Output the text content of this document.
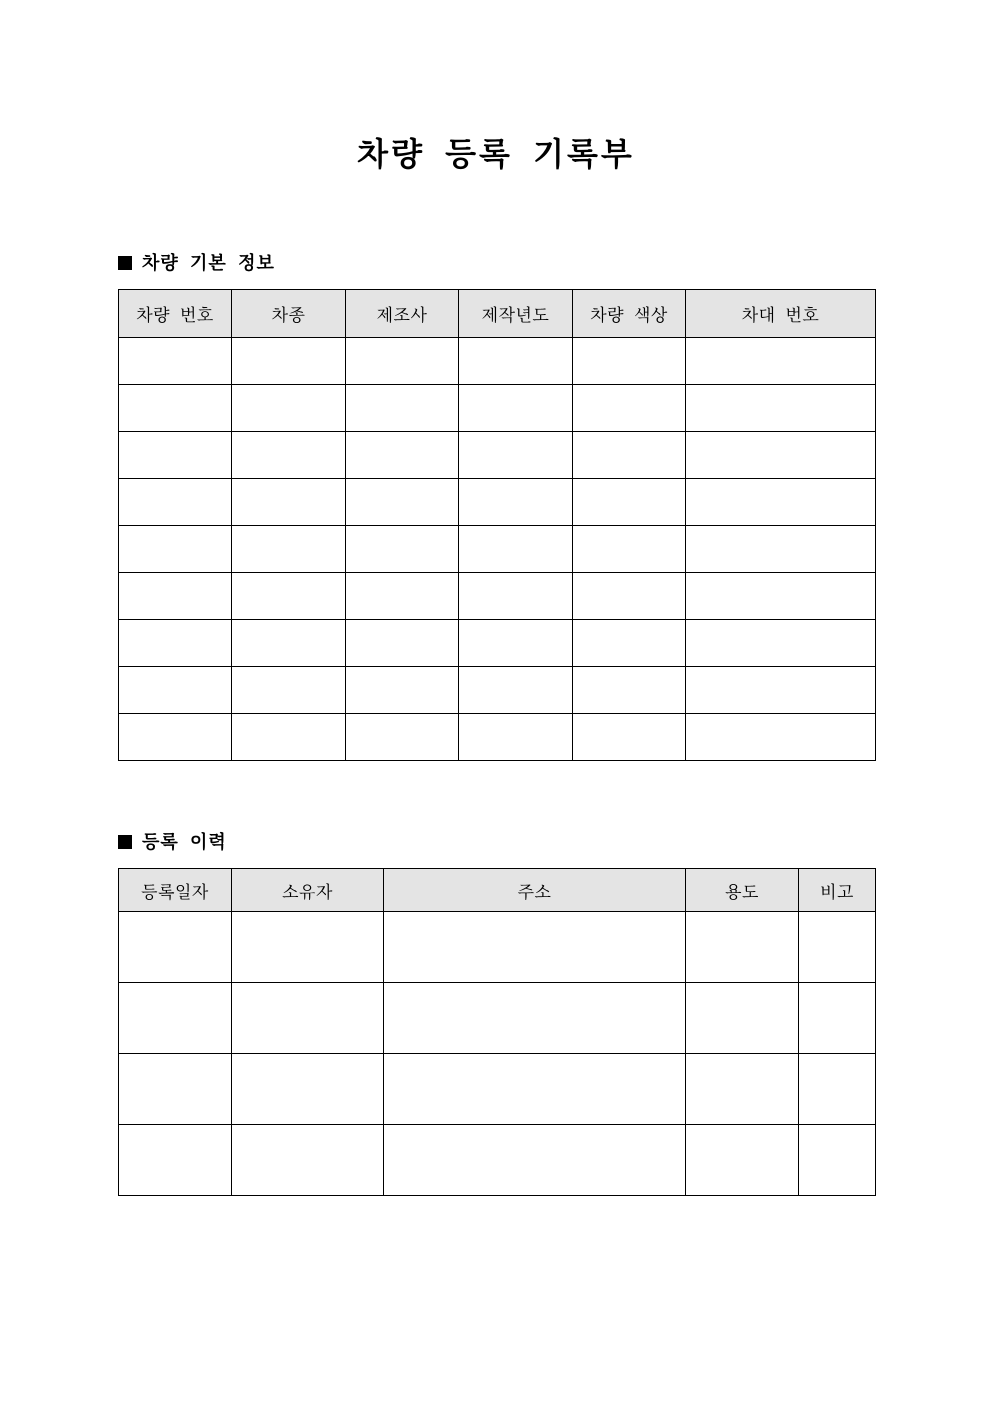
차량 등록 기록부
차량 기본 정보
차량 번호	차종	제조사	제작년도	차량 색상	차대 번호

등록 이력
등록일자	소유자	주소	용도	비고
